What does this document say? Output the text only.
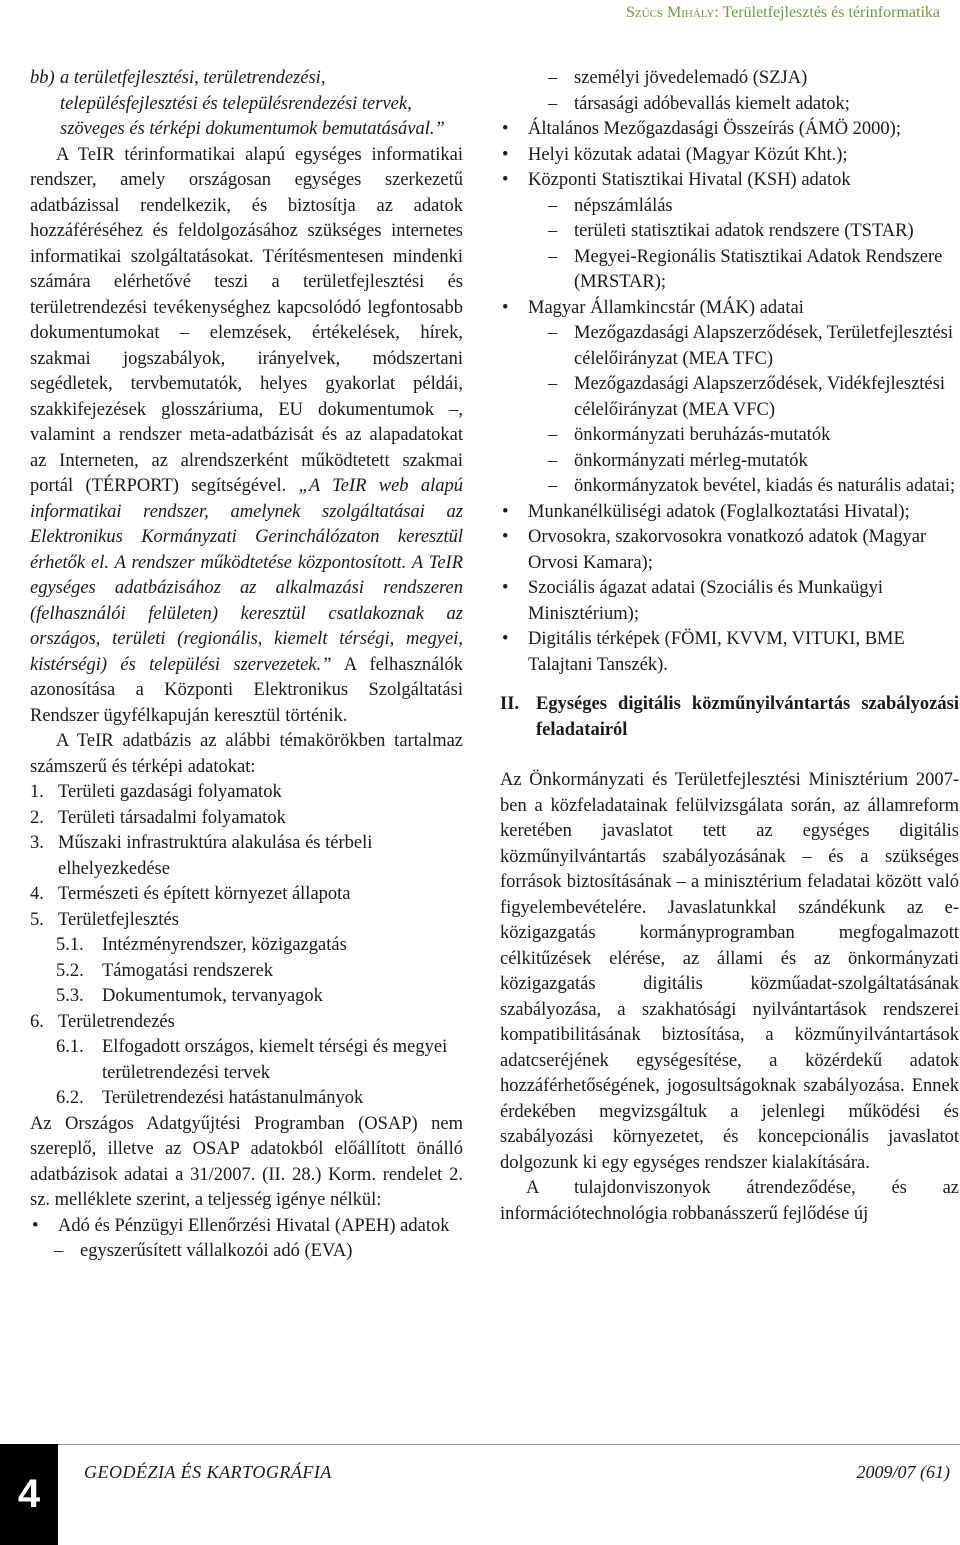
Szűcs Mihály: Területfejlesztés és térinformatika
bb) a területfejlesztési, területrendezési, településfejlesztési és településrendezési tervek, szöveges és térképi dokumentumok bemutatásával.”

A TeIR térinformatikai alapú egységes informatikai rendszer, amely országosan egységes szerkezetű adatbázissal rendelkezik, és biztosítja az adatok hozzáféréséhez és feldolgozásához szükséges internetes informatikai szolgáltatásokat. Térítésmentesen mindenki számára elérhetővé teszi a területfejlesztési és területrendezési tevékenységhez kapcsolódó legfontosabb dokumentumokat – elemzések, értékelések, hírek, szakmai jogszabályok, irányelvek, módszertani segédletek, tervbemutatók, helyes gyakorlat példái, szakkifejezések glosszáriuma, EU dokumentumok –, valamint a rendszer meta-adatbázisát és az alapadatokat az Interneten, az alrendszerként működtetett szakmai portál (TÉRPORT) segítségével. „A TeIR web alapú informatikai rendszer, amelynek szolgáltatásai az Elektronikus Kormányzati Gerinchálózaton keresztül érhetők el. A rendszer működtetése központosított. A TeIR egységes adatbázisához az alkalmazási rendszeren (felhasználói felületen) keresztül csatlakoznak az országos, területi (regionális, kiemelt térségi, megyei, kistérségi) és települési szervezetek.” A felhasználók azonosítása a Központi Elektronikus Szolgáltatási Rendszer ügyfélkapuján keresztül történik.

A TeIR adatbázis az alábbi témakörökben tartalmaz számszerű és térképi adatokat:

1. Területi gazdasági folyamatok
2. Területi társadalmi folyamatok
3. Műszaki infrastruktúra alakulása és térbeli elhelyezkedése
4. Természeti és épített környezet állapota
5. Területfejlesztés
5.1. Intézményrendszer, közigazgatás
5.2. Támogatási rendszerek
5.3. Dokumentumok, tervanyagok
6. Területrendezés
6.1. Elfogadott országos, kiemelt térségi és megyei területrendezési tervek
6.2. Területrendezési hatástanulmányok

Az Országos Adatgyűjtési Programban (OSAP) nem szereplő, illetve az OSAP adatokból előállított önálló adatbázisok adatai a 31/2007. (II. 28.) Korm. rendelet 2. sz. melléklete szerint, a teljesség igénye nélkül:

•	Adó és Pénzügyi Ellenőrzési Hivatal (APEH) adatok
– egyszerűsített vállalkozói adó (EVA)
– személyi jövedelemadó (SZJA)
– társasági adóbevallás kiemelt adatok;
•	Általános Mezőgazdasági Összeírás (ÁMÖ 2000);
•	Helyi közutak adatai (Magyar Közút Kht.);
•	Központi Statisztikai Hivatal (KSH) adatok
– népszámlálás
– területi statisztikai adatok rendszere (TSTAR)
– Megyei-Regionális Statisztikai Adatok Rendszere (MRSTAR);
•	Magyar Államkincstár (MÁK) adatai
– Mezőgazdasági Alapszerződések, Területfejlesztési célelőirányzat (MEA TFC)
– Mezőgazdasági Alapszerződések, Vidékfejlesztési célelőirányzat (MEA VFC)
– önkormányzati beruházás-mutatók
– önkormányzati mérleg-mutatók
– önkormányzatok bevétel, kiadás és naturális adatai;
•	Munkanélküliségi adatok (Foglalkoztatási Hivatal);
•	Orvosokra, szakorvosokra vonatkozó adatok (Magyar Orvosi Kamara);
•	Szociális ágazat adatai (Szociális és Munkaügyi Minisztérium);
•	Digitális térképek (FÖMI, KVVM, VITUKI, BME Talajtani Tanszék).
II. Egységes digitális közműnyilvántartás szabályozási feladatairól

Az Önkormányzati és Területfejlesztési Minisztérium 2007-ben a közfeladatainak felülvizsgálata során, az államreform keretében javaslatot tett az egységes digitális közműnyilvántartás szabályozásának – és a szükséges források biztosításának – a minisztérium feladatai között való figyelembevételére. Javaslatunkkal szándékunk az e-közigazgatás kormányprogramban megfogalmazott célkitűzések elérése, az állami és az önkormányzati közigazgatás digitális közműadat-szolgáltatásának szabályozása, a szakhatósági nyilvántartások rendszerei kompatibilitásának biztosítása, a közműnyilvántartások adatcseréjének egységesítése, a közérdekű adatok hozzáférhetőségének, jogosultságoknak szabályozása. Ennek érdekében megvizsgáltuk a jelenlegi működési és szabályozási környezetet, és koncepcionális javaslatot dolgozunk ki egy egységes rendszer kialakítására.

A tulajdonviszonyok átrendeződése, és az információtechnológia robbanásszerű fejlődése új

4	GEODÉZIA ÉS KARTOGRÁFIA	2009/07 (61)
